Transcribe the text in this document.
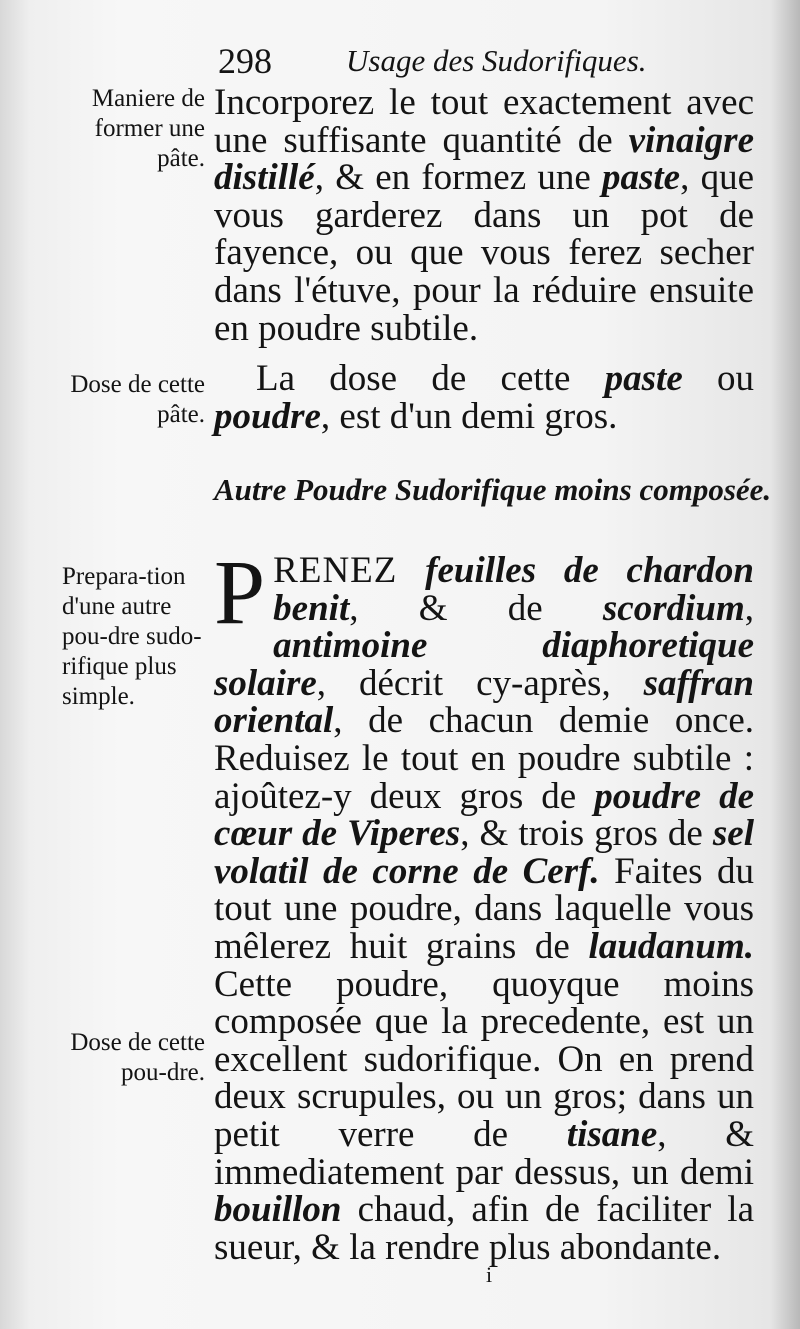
298 Usage des Sudorifiques.
Maniere de former une pâte.
Dose de cette pâte.
Prepara-tion d'une autre pou-dre sudo-rifique plus simple.
Dose de cette pou-dre.
Incorporez le tout exactement avec une suffisante quantité de vinaigre distillé, & en formez une paste, que vous garderez dans un pot de fayence, ou que vous ferez secher dans l'étuve, pour la réduire ensuite en poudre subtile.
La dose de cette paste ou poudre, est d'un demi gros.
Autre Poudre Sudorifique moins composée.
PRENEZ feuilles de chardon benit, & de scordium, antimoine diaphoretique solaire, décrit cy-après, saffran oriental, de chacun demie once. Reduisez le tout en poudre subtile : ajoûtez-y deux gros de poudre de cœur de Viperes, & trois gros de sel volatil de corne de Cerf. Faites du tout une poudre, dans laquelle vous mêlerez huit grains de laudanum. Cette poudre, quoyque moins composée que la precedente, est un excellent sudorifique. On en prend deux scrupules, ou un gros; dans un petit verre de tisane, & immediatement par dessus, un demi bouillon chaud, afin de faciliter la sueur, & la rendre plus abondante.
i
